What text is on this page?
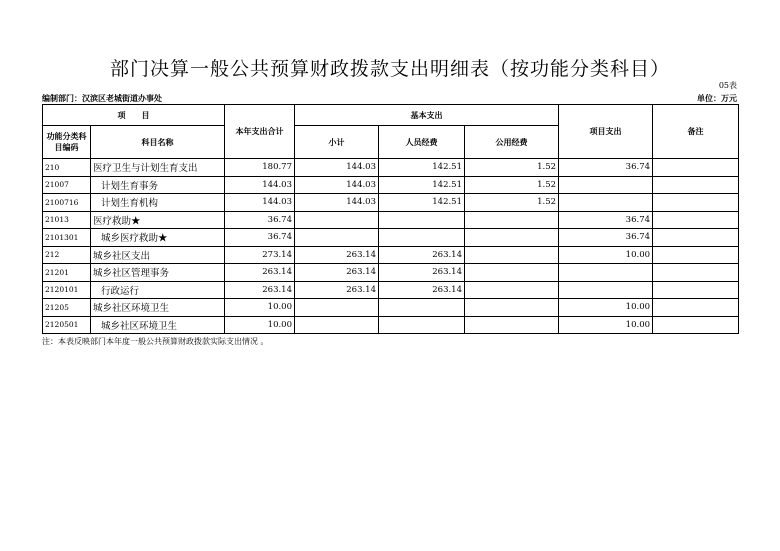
部门决算一般公共预算财政拨款支出明细表（按功能分类科目）
05表
编制部门：汉滨区老城街道办事处	单位：万元
项　　目		本年支出合计	基本支出			项目支出	备注
功能分类科目编码	科目名称		小计	人员经费	公用经费		
210	医疗卫生与计划生育支出	180.77	144.03	142.51	1.52	36.74	
21007	计划生育事务	144.03	144.03	142.51	1.52		
2100716	计划生育机构	144.03	144.03	142.51	1.52		
21013	医疗救助★	36.74				36.74	
2101301	城乡医疗救助★	36.74				36.74	
212	城乡社区支出	273.14	263.14	263.14		10.00	
21201	城乡社区管理事务	263.14	263.14	263.14			
2120101	行政运行	263.14	263.14	263.14			
21205	城乡社区环境卫生	10.00				10.00	
2120501	城乡社区环境卫生	10.00				10.00	
注：本表反映部门本年度一般公共预算财政拨款实际支出情况 。
